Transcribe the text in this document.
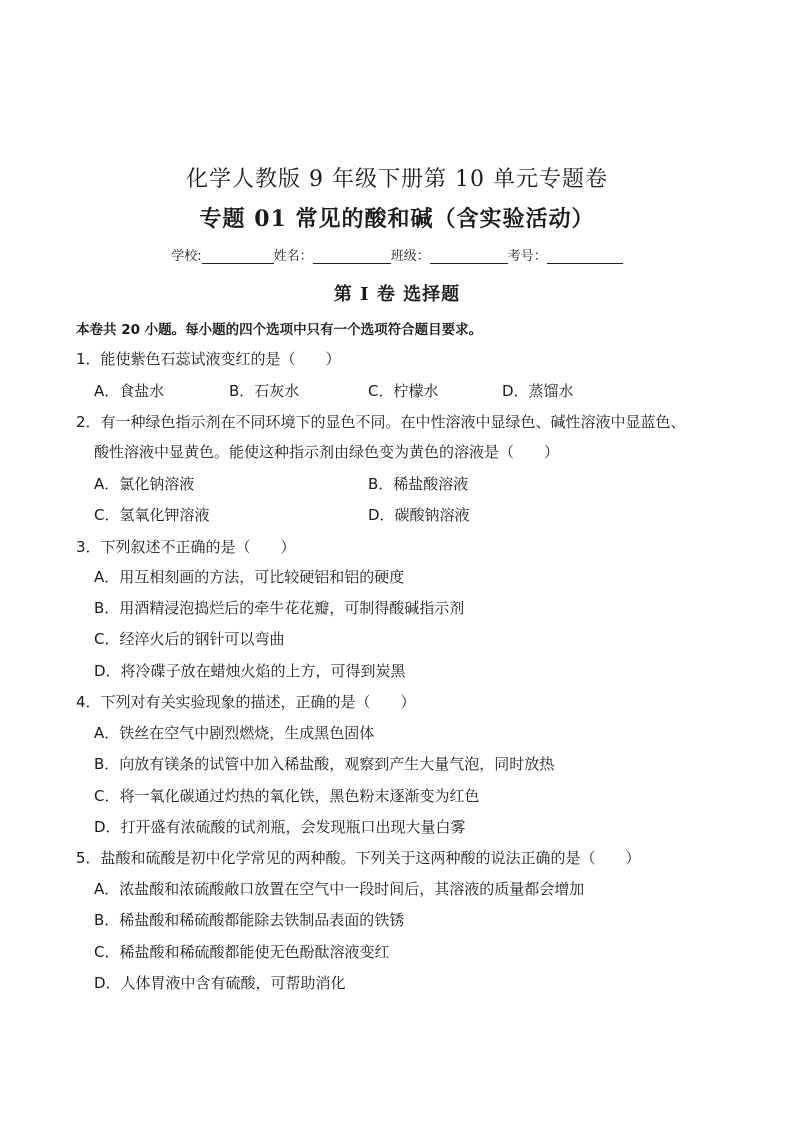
化学人教版 9 年级下册第 10 单元专题卷
专题 01 常见的酸和碱（含实验活动）
学校:	姓名：	班级：	考号：
第 I 卷 选择题
本卷共 20 小题。每小题的四个选项中只有一个选项符合题目要求。
1．能使紫色石蕊试液变红的是（　　）
A．食盐水	B．石灰水	C．柠檬水	D．蒸馏水
2．有一种绿色指示剂在不同环境下的显色不同。在中性溶液中显绿色、碱性溶液中显蓝色、
酸性溶液中显黄色。能使这种指示剂由绿色变为黄色的溶液是（　　）
A．氯化钠溶液	B．稀盐酸溶液
C．氢氧化钾溶液	D．碳酸钠溶液
3．下列叙述不正确的是（　　）
A．用互相刻画的方法，可比较硬铝和铝的硬度
B．用酒精浸泡捣烂后的牵牛花花瓣，可制得酸碱指示剂
C．经淬火后的钢针可以弯曲
D．将冷碟子放在蜡烛火焰的上方，可得到炭黑
4．下列对有关实验现象的描述，正确的是（　　）
A．铁丝在空气中剧烈燃烧，生成黑色固体
B．向放有镁条的试管中加入稀盐酸，观察到产生大量气泡，同时放热
C．将一氧化碳通过灼热的氧化铁，黑色粉末逐渐变为红色
D．打开盛有浓硫酸的试剂瓶，会发现瓶口出现大量白雾
5．盐酸和硫酸是初中化学常见的两种酸。下列关于这两种酸的说法正确的是（　　）
A．浓盐酸和浓硫酸敞口放置在空气中一段时间后，其溶液的质量都会增加
B．稀盐酸和稀硫酸都能除去铁制品表面的铁锈
C．稀盐酸和稀硫酸都能使无色酚酞溶液变红
D．人体胃液中含有硫酸，可帮助消化
